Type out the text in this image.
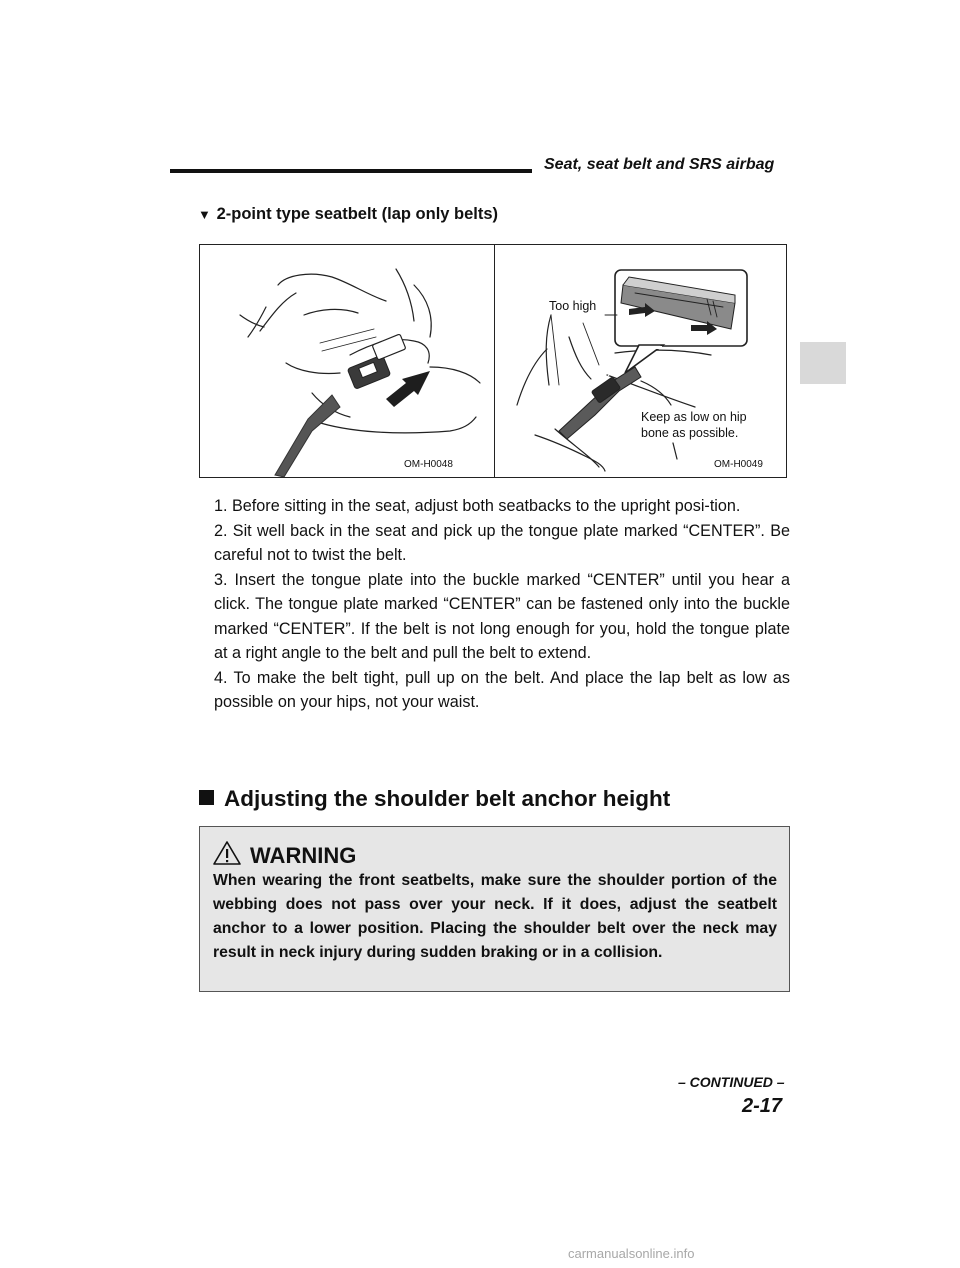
Seat, seat belt and SRS airbag
▼ 2-point type seatbelt (lap only belts)
OM-H0048	OM-H0049
Too high
Keep as low on hip
bone as possible.

1. Before sitting in the seat, adjust both seatbacks to the upright posi-tion.

2. Sit well back in the seat and pick up the tongue plate marked “CENTER”. Be careful not to twist the belt.

3. Insert the tongue plate into the buckle marked “CENTER” until you hear a click. The tongue plate marked “CENTER” can be fastened only into the buckle marked “CENTER”. If the belt is not long enough for you, hold the tongue plate at a right angle to the belt and pull the belt to extend.

4. To make the belt tight, pull up on the belt. And place the lap belt as low as possible on your hips, not your waist.

Adjusting the shoulder belt anchor height
WARNING
When wearing the front seatbelts, make sure the shoulder portion of the webbing does not pass over your neck. If it does, adjust the seatbelt anchor to a lower position. Placing the shoulder belt over the neck may result in neck injury during sudden braking or in a collision.
– CONTINUED –
2-17
carmanualsonline.info
